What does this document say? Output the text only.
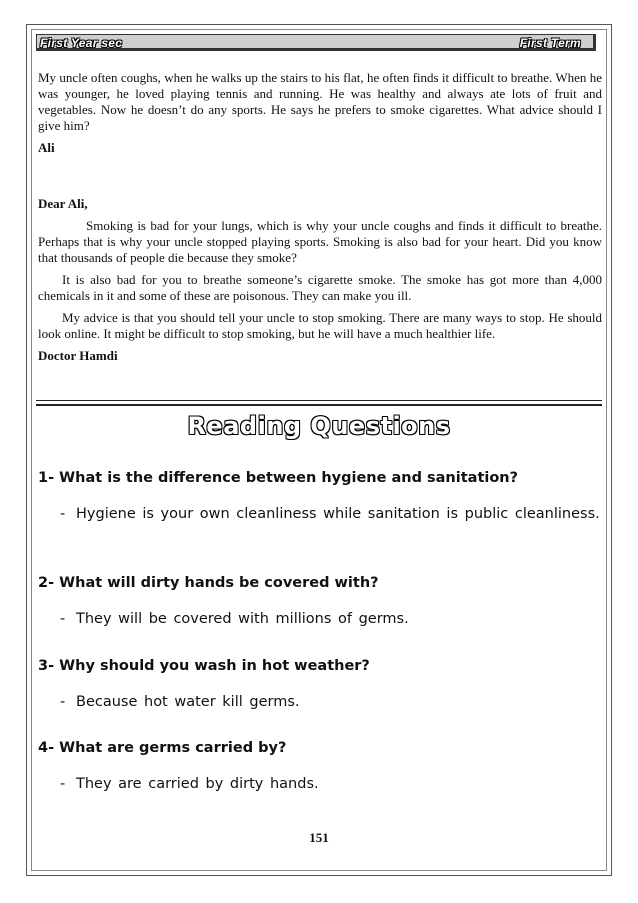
First Year sec	First Term

My uncle often coughs, when he walks up the stairs to his flat, he often finds it difficult to breathe. When he was younger, he loved playing tennis and running. He was healthy and always ate lots of fruit and vegetables. Now he doesn’t do any sports. He says he prefers to smoke cigarettes. What advice should I give him?

Ali

Dear Ali,

Smoking is bad for your lungs, which is why your uncle coughs and finds it difficult to breathe. Perhaps that is why your uncle stopped playing sports. Smoking is also bad for your heart. Did you know that thousands of people die because they smoke?

It is also bad for you to breathe someone’s cigarette smoke. The smoke has got more than 4,000 chemicals in it and some of these are poisonous. They can make you ill.

My advice is that you should tell your uncle to stop smoking. There are many ways to stop. He should look online. It might be difficult to stop smoking, but he will have a much healthier life.

Doctor Hamdi

Reading Questions
1- What is the difference between hygiene and sanitation?
- Hygiene is your own cleanliness while sanitation is public cleanliness.
2- What will dirty hands be covered with?
- They will be covered with millions of germs.
3- Why should you wash in hot weather?
- Because hot water kill germs.
4- What are germs carried by?
- They are carried by dirty hands.
151
